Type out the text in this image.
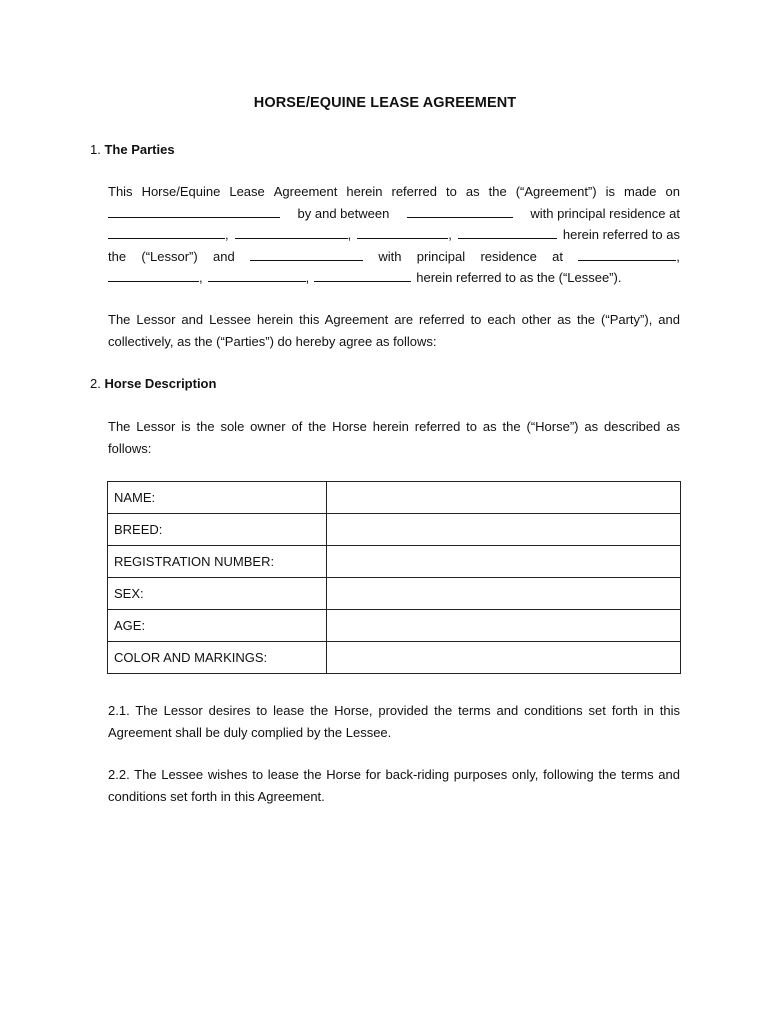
HORSE/EQUINE LEASE AGREEMENT
1. The Parties
This Horse/Equine Lease Agreement herein referred to as the (“Agreement”) is made on
by and between	with principal residence at
,	,	,	herein referred to as
the (“Lessor”) and	with principal residence at	,
,	,	herein referred to as the (“Lessee”).
The Lessor and Lessee herein this Agreement are referred to each other as the (“Party”), and collectively, as the (“Parties”) do hereby agree as follows:
2. Horse Description
The Lessor is the sole owner of the Horse herein referred to as the (“Horse”) as described as follows:
NAME:	
BREED:	
REGISTRATION NUMBER:	
SEX:	
AGE:	
COLOR AND MARKINGS:	
2.1. The Lessor desires to lease the Horse, provided the terms and conditions set forth in this Agreement shall be duly complied by the Lessee.
2.2. The Lessee wishes to lease the Horse for back-riding purposes only, following the terms and conditions set forth in this Agreement.
